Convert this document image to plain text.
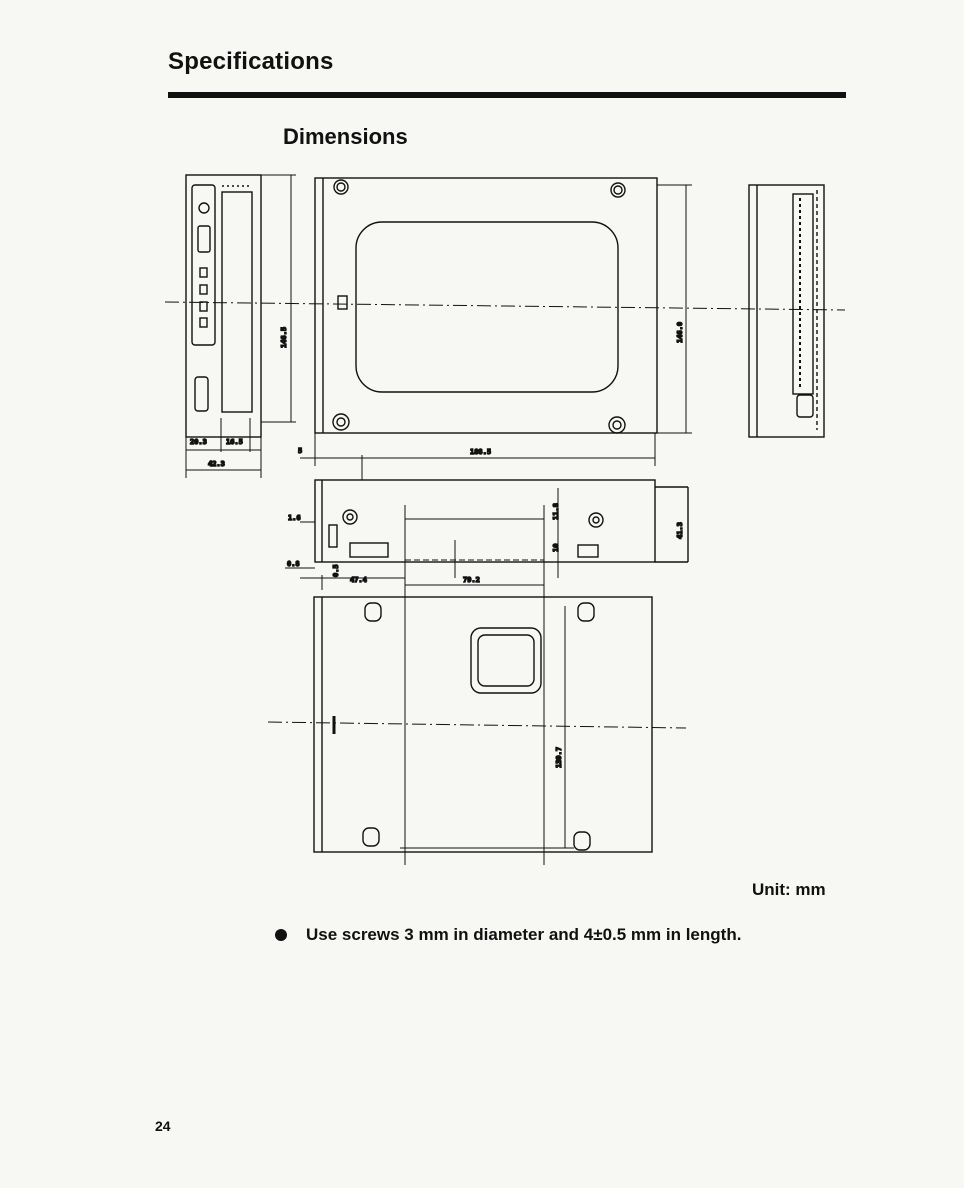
Specifications
Dimensions
20.3	16.5
42.3
146.5
5	188.5
146.0
41.3
1.6
0.8
0.5
47.4	79.2
11.8
10
139.7
Unit: mm
Use screws 3 mm in diameter and 4±0.5 mm in length.
24
